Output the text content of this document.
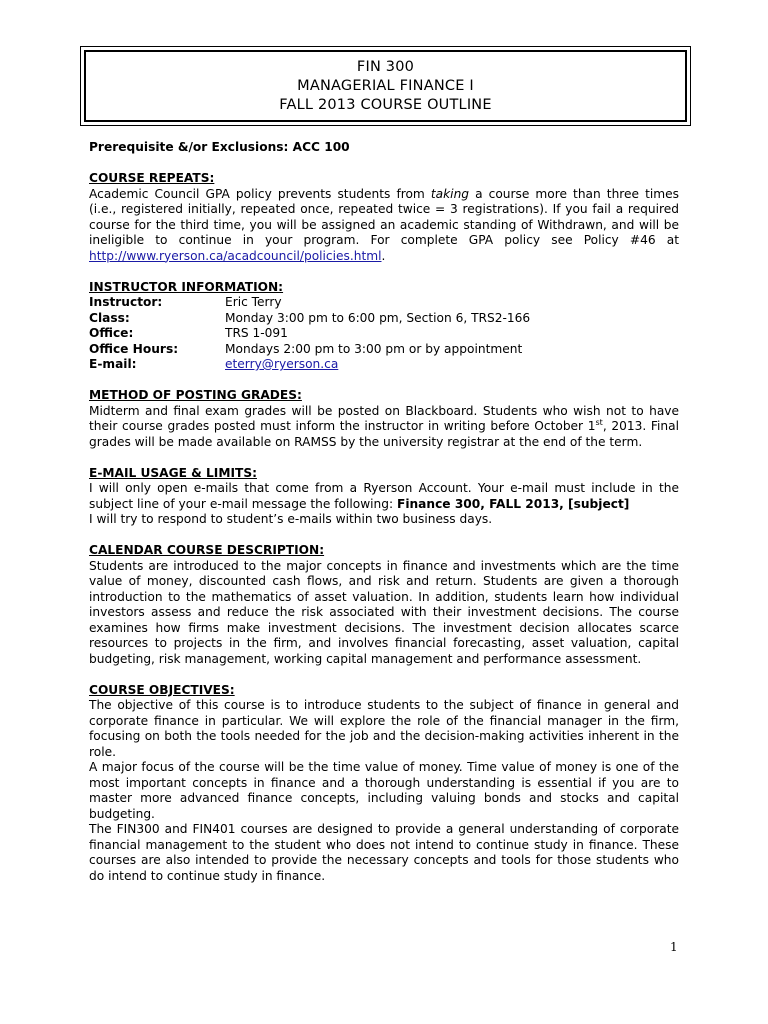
FIN 300
MANAGERIAL FINANCE I
FALL 2013 COURSE OUTLINE

Prerequisite &/or Exclusions: ACC 100

COURSE REPEATS:

Academic Council GPA policy prevents students from taking a course more than three times (i.e., registered initially, repeated once, repeated twice = 3 registrations). If you fail a required course for the third time, you will be assigned an academic standing of Withdrawn, and will be ineligible to continue in your program. For complete GPA policy see Policy #46 at http://www.ryerson.ca/acadcouncil/policies.html.

INSTRUCTOR INFORMATION:
Instructor:	Eric Terry
Class:	Monday 3:00 pm to 6:00 pm, Section 6, TRS2-166
Office:	TRS 1-091
Office Hours:	Mondays 2:00 pm to 3:00 pm or by appointment
E-mail:	eterry@ryerson.ca
METHOD OF POSTING GRADES:

Midterm and final exam grades will be posted on Blackboard. Students who wish not to have their course grades posted must inform the instructor in writing before October 1st, 2013. Final grades will be made available on RAMSS by the university registrar at the end of the term.

E-MAIL USAGE & LIMITS:

I will only open e-mails that come from a Ryerson Account. Your e-mail must include in the subject line of your e-mail message the following: Finance 300, FALL 2013, [subject]

I will try to respond to student’s e-mails within two business days.

CALENDAR COURSE DESCRIPTION:

Students are introduced to the major concepts in finance and investments which are the time value of money, discounted cash flows, and risk and return. Students are given a thorough introduction to the mathematics of asset valuation. In addition, students learn how individual investors assess and reduce the risk associated with their investment decisions. The course examines how firms make investment decisions. The investment decision allocates scarce resources to projects in the firm, and involves financial forecasting, asset valuation, capital budgeting, risk management, working capital management and performance assessment.

COURSE OBJECTIVES:

The objective of this course is to introduce students to the subject of finance in general and corporate finance in particular. We will explore the role of the financial manager in the firm, focusing on both the tools needed for the job and the decision-making activities inherent in the role.

A major focus of the course will be the time value of money. Time value of money is one of the most important concepts in finance and a thorough understanding is essential if you are to master more advanced finance concepts, including valuing bonds and stocks and capital budgeting.

The FIN300 and FIN401 courses are designed to provide a general understanding of corporate financial management to the student who does not intend to continue study in finance. These courses are also intended to provide the necessary concepts and tools for those students who do intend to continue study in finance.

1
